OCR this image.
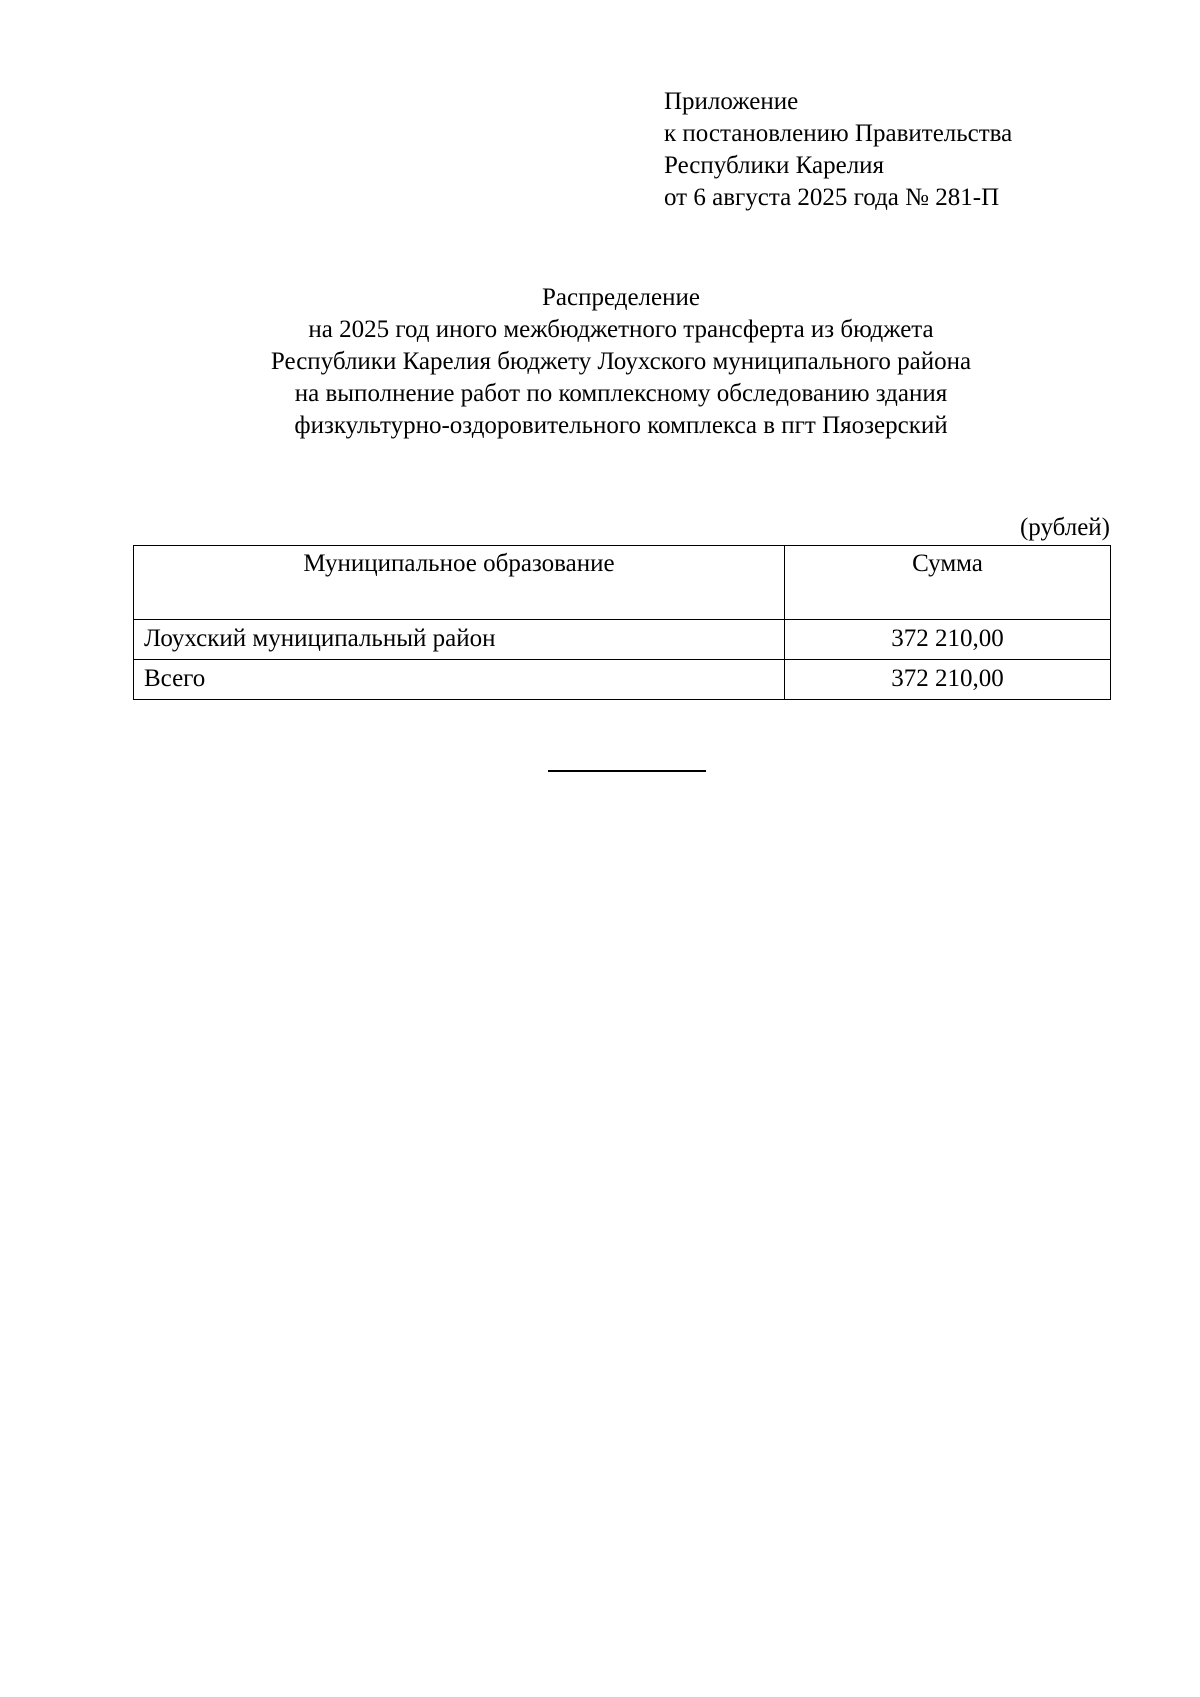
Приложение
к постановлению Правительства
Республики Карелия
от 6 августа 2025 года № 281-П
Распределение
на 2025 год иного межбюджетного трансферта из бюджета
Республики Карелия бюджету Лоухского муниципального района
на выполнение работ по комплексному обследованию здания
физкультурно-оздоровительного комплекса в пгт Пяозерский
(рублей)
Муниципальное образование	Сумма
Лоухский муниципальный район	372 210,00
Всего	372 210,00
